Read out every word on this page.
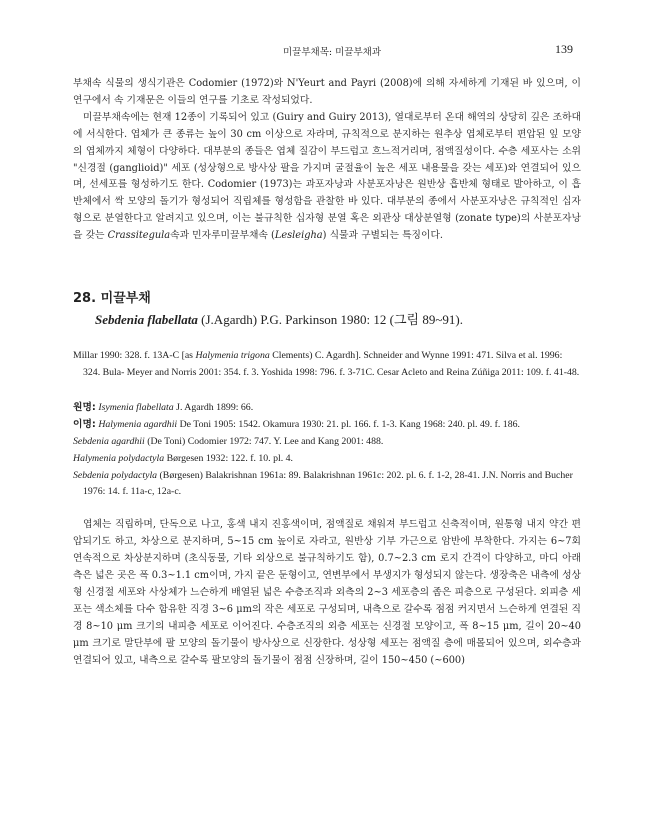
미끌부채목: 미끌부채과	139

부채속 식물의 생식기관은 Codomier (1972)와 N'Yeurt and Payri (2008)에 의해 자세하게 기재된 바 있으며, 이 연구에서 속 기재문은 이들의 연구를 기초로 작성되었다.

미끌부채속에는 현재 12종이 기록되어 있고 (Guiry and Guiry 2013), 열대로부터 온대 해역의 상당히 깊은 조하대에 서식한다. 엽체가 큰 종류는 높이 30 cm 이상으로 자라며, 규칙적으로 분지하는 원추상 엽체로부터 편압된 잎 모양의 엽체까지 체형이 다양하다. 대부분의 종들은 엽체 질감이 부드럽고 흐느적거리며, 점액질성이다. 수층 세포사는 소위 "신경절 (ganglioid)" 세포 (성상형으로 방사상 팔을 가지며 굴절율이 높은 세포 내용물을 갖는 세포)와 연결되어 있으며, 선세포를 형성하기도 한다. Codomier (1973)는 과포자낭과 사분포자낭은 원반상 흡반체 형태로 발아하고, 이 흡반체에서 싹 모양의 돌기가 형성되어 직립체를 형성함을 관찰한 바 있다. 대부분의 종에서 사분포자낭은 규칙적인 십자형으로 분열한다고 알려지고 있으며, 이는 불규칙한 십자형 분열 혹은 외관상 대상분열형 (zonate type)의 사분포자낭을 갖는 Crassitegula속과 민자루미끌부채속 (Lesleigha) 식물과 구별되는 특징이다.

28. 미끌부채
Sebdenia flabellata (J.Agardh) P.G. Parkinson 1980: 12 (그림 89~91).
Millar 1990: 328. f. 13A-C [as Halymenia trigona Clements) C. Agardh]. Schneider and Wynne 1991: 471. Silva et al. 1996: 324. Bula- Meyer and Norris 2001: 354. f. 3. Yoshida 1998: 796. f. 3-71C. Cesar Acleto and Reina Zúñiga 2011: 109. f. 41-48.
원명: Isymenia flabellata J. Agardh 1899: 66.
이명: Halymenia agardhii De Toni 1905: 1542. Okamura 1930: 21. pl. 166. f. 1-3. Kang 1968: 240. pl. 49. f. 186.
Sebdenia agardhii (De Toni) Codomier 1972: 747. Y. Lee and Kang 2001: 488.
Halymenia polydactyla Børgesen 1932: 122. f. 10. pl. 4.
Sebdenia polydactyla (Børgesen) Balakrishnan 1961a: 89. Balakrishnan 1961c: 202. pl. 6. f. 1-2, 28-41. J.N. Norris and Bucher 1976: 14. f. 11a-c, 12a-c.

엽체는 직립하며, 단독으로 나고, 홍색 내지 진홍색이며, 점액질로 채워져 부드럽고 신축적이며, 원통형 내지 약간 편압되기도 하고, 차상으로 분지하며, 5~15 cm 높이로 자라고, 원반상 기부 가근으로 암반에 부착한다. 가지는 6~7회 연속적으로 차상분지하며 (초식동물, 기타 외상으로 불규칙하기도 함), 0.7~2.3 cm 로지 간격이 다양하고, 마디 아래 측은 넓은 곳은 폭 0.3~1.1 cm이며, 가지 끝은 둔형이고, 연변부에서 부생지가 형성되지 않는다. 생장축은 내측에 성상형 신경절 세포와 사상체가 느슨하게 배열된 넓은 수층조직과 외측의 2~3 세포층의 좁은 피층으로 구성된다. 외피층 세포는 색소체를 다수 함유한 직경 3~6 μm의 작은 세포로 구성되며, 내측으로 갈수록 점점 커지면서 느슨하게 연결된 직경 8~10 μm 크기의 내피층 세포로 이어진다. 수층조직의 외층 세포는 신경절 모양이고, 폭 8~15 μm, 길이 20~40 μm 크기로 말단부에 팔 모양의 돌기물이 방사상으로 신장한다. 성상형 세포는 점액질 층에 매몰되어 있으며, 외수층과 연결되어 있고, 내측으로 갈수록 팔모양의 돌기물이 점점 신장하며, 길이 150~450 (~600)
